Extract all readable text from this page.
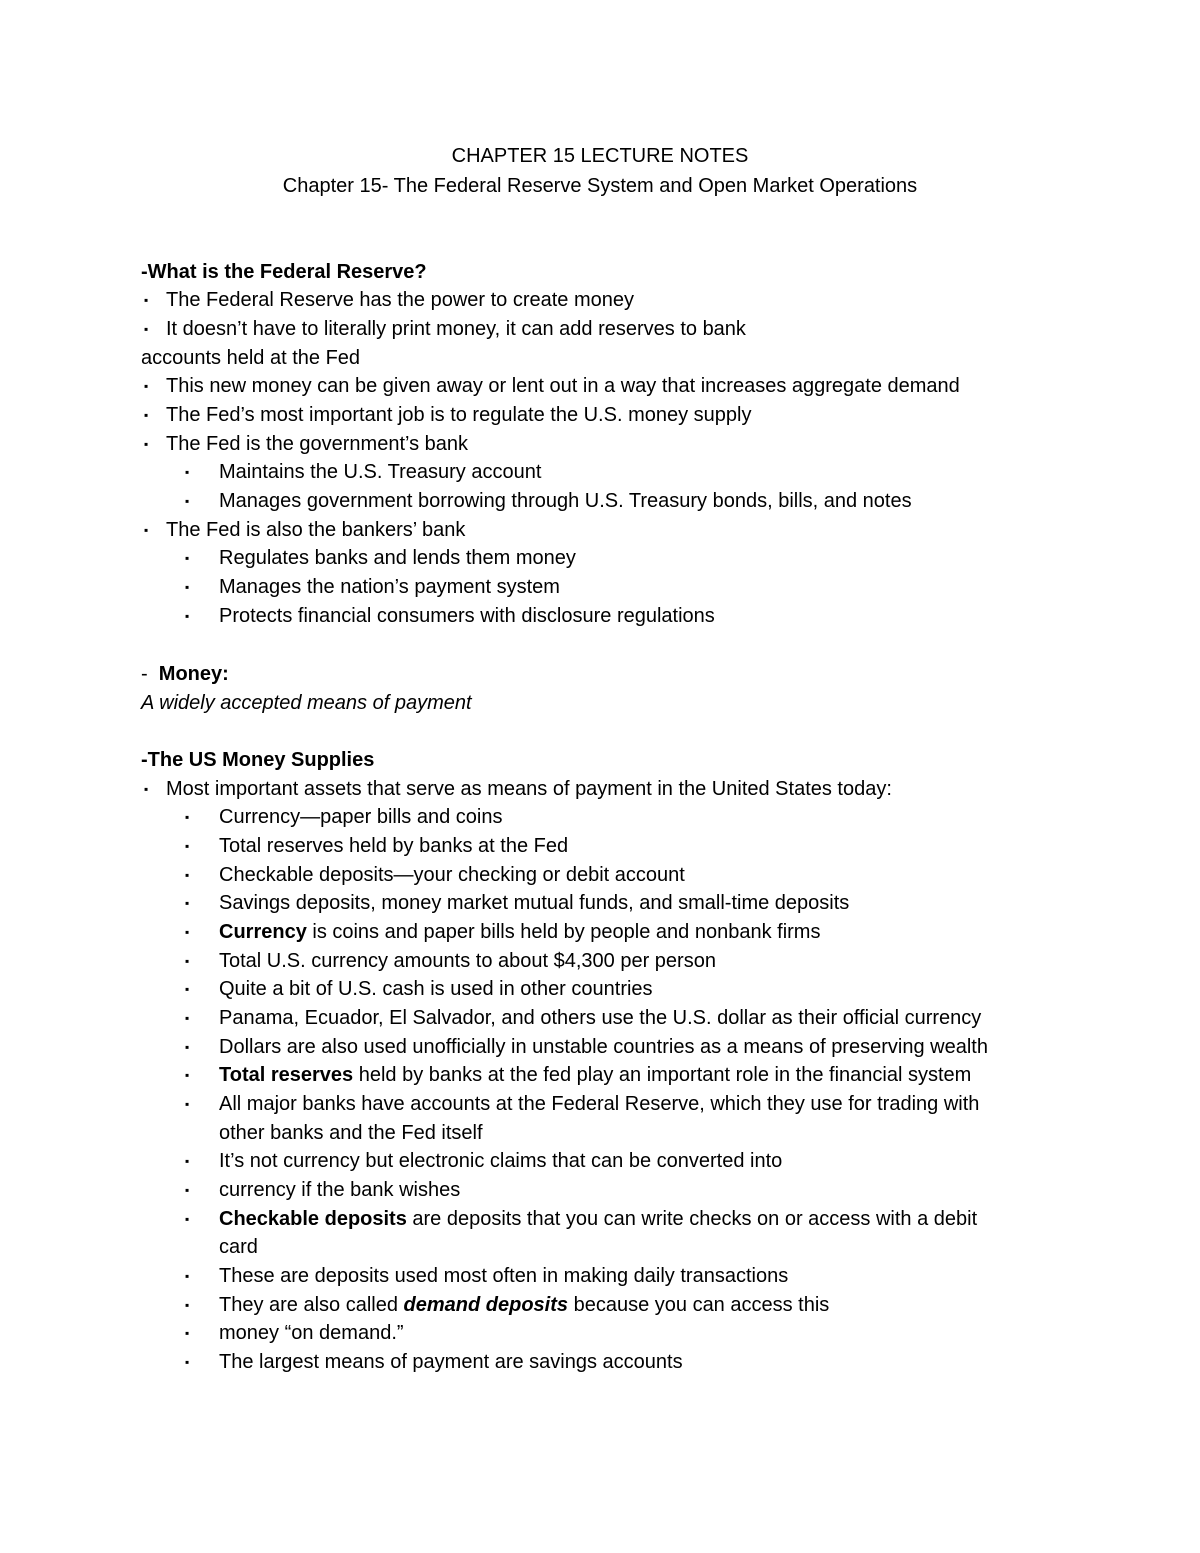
CHAPTER 15 LECTURE NOTES
Chapter 15- The Federal Reserve System and Open Market Operations
-What is the Federal Reserve?
▪ The Federal Reserve has the power to create money
▪ It doesn’t have to literally print money, it can add reserves to bank
accounts held at the Fed
▪ This new money can be given away or lent out in a way that increases aggregate demand
▪ The Fed’s most important job is to regulate the U.S. money supply
▪ The Fed is the government’s bank
▪ Maintains the U.S. Treasury account
▪ Manages government borrowing through U.S. Treasury bonds, bills, and notes
▪ The Fed is also the bankers’ bank
▪ Regulates banks and lends them money
▪ Manages the nation’s payment system
▪ Protects financial consumers with disclosure regulations
- Money:
A widely accepted means of payment
-The US Money Supplies
▪ Most important assets that serve as means of payment in the United States today:
▪ Currency—paper bills and coins
▪ Total reserves held by banks at the Fed
▪ Checkable deposits—your checking or debit account
▪ Savings deposits, money market mutual funds, and small-time deposits
▪ Currency is coins and paper bills held by people and nonbank firms
▪ Total U.S. currency amounts to about $4,300 per person
▪ Quite a bit of U.S. cash is used in other countries
▪ Panama, Ecuador, El Salvador, and others use the U.S. dollar as their official currency
▪ Dollars are also used unofficially in unstable countries as a means of preserving wealth
▪ Total reserves held by banks at the fed play an important role in the financial system
▪ All major banks have accounts at the Federal Reserve, which they use for trading with
other banks and the Fed itself
▪ It’s not currency but electronic claims that can be converted into
▪ currency if the bank wishes
▪ Checkable deposits are deposits that you can write checks on or access with a debit
card
▪ These are deposits used most often in making daily transactions
▪ They are also called demand deposits because you can access this
▪ money “on demand.”
▪ The largest means of payment are savings accounts
